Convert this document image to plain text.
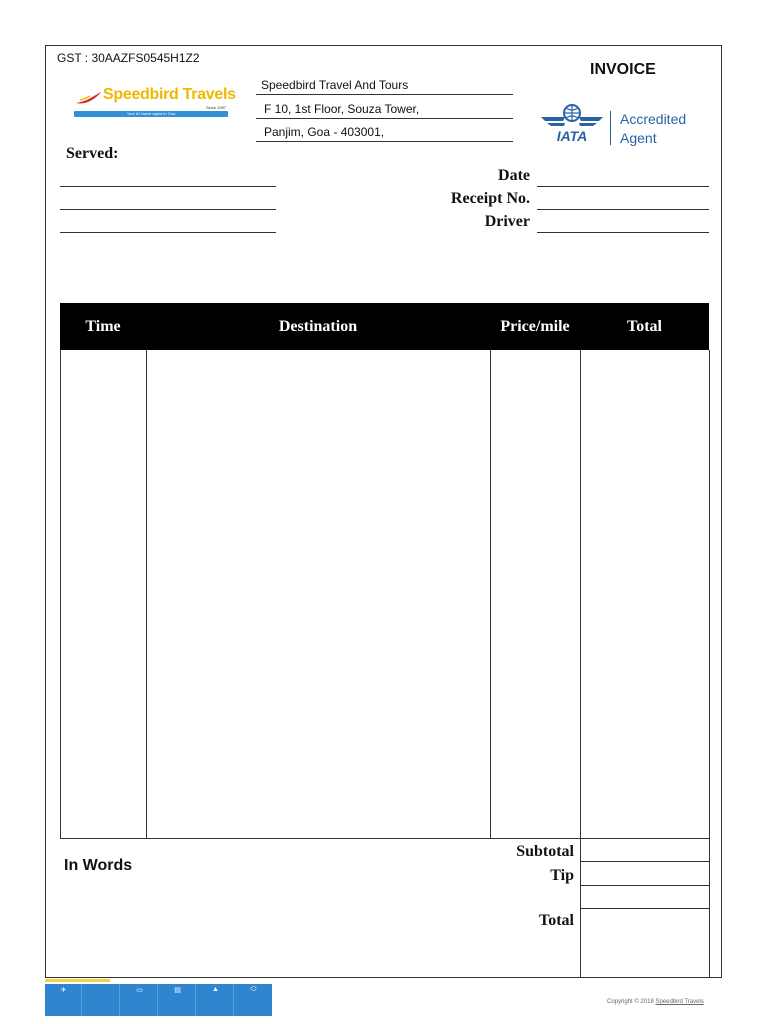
GST : 30AAZFS0545H1Z2
Speedbird Travels
Since 1997
Your #1 travel agent in Goa
Speedbird Travel And Tours
F 10, 1st Floor, Souza Tower,
Panjim, Goa - 403001,
INVOICE
IATA
Accredited
Agent
Served:
Date
Receipt No.
Driver
Time	Destination	Price/mile	Total
In Words
Subtotal
Tip
Total
✈	▭	▤	▲	⬭
Copyright © 2018 Speedbird Travels
